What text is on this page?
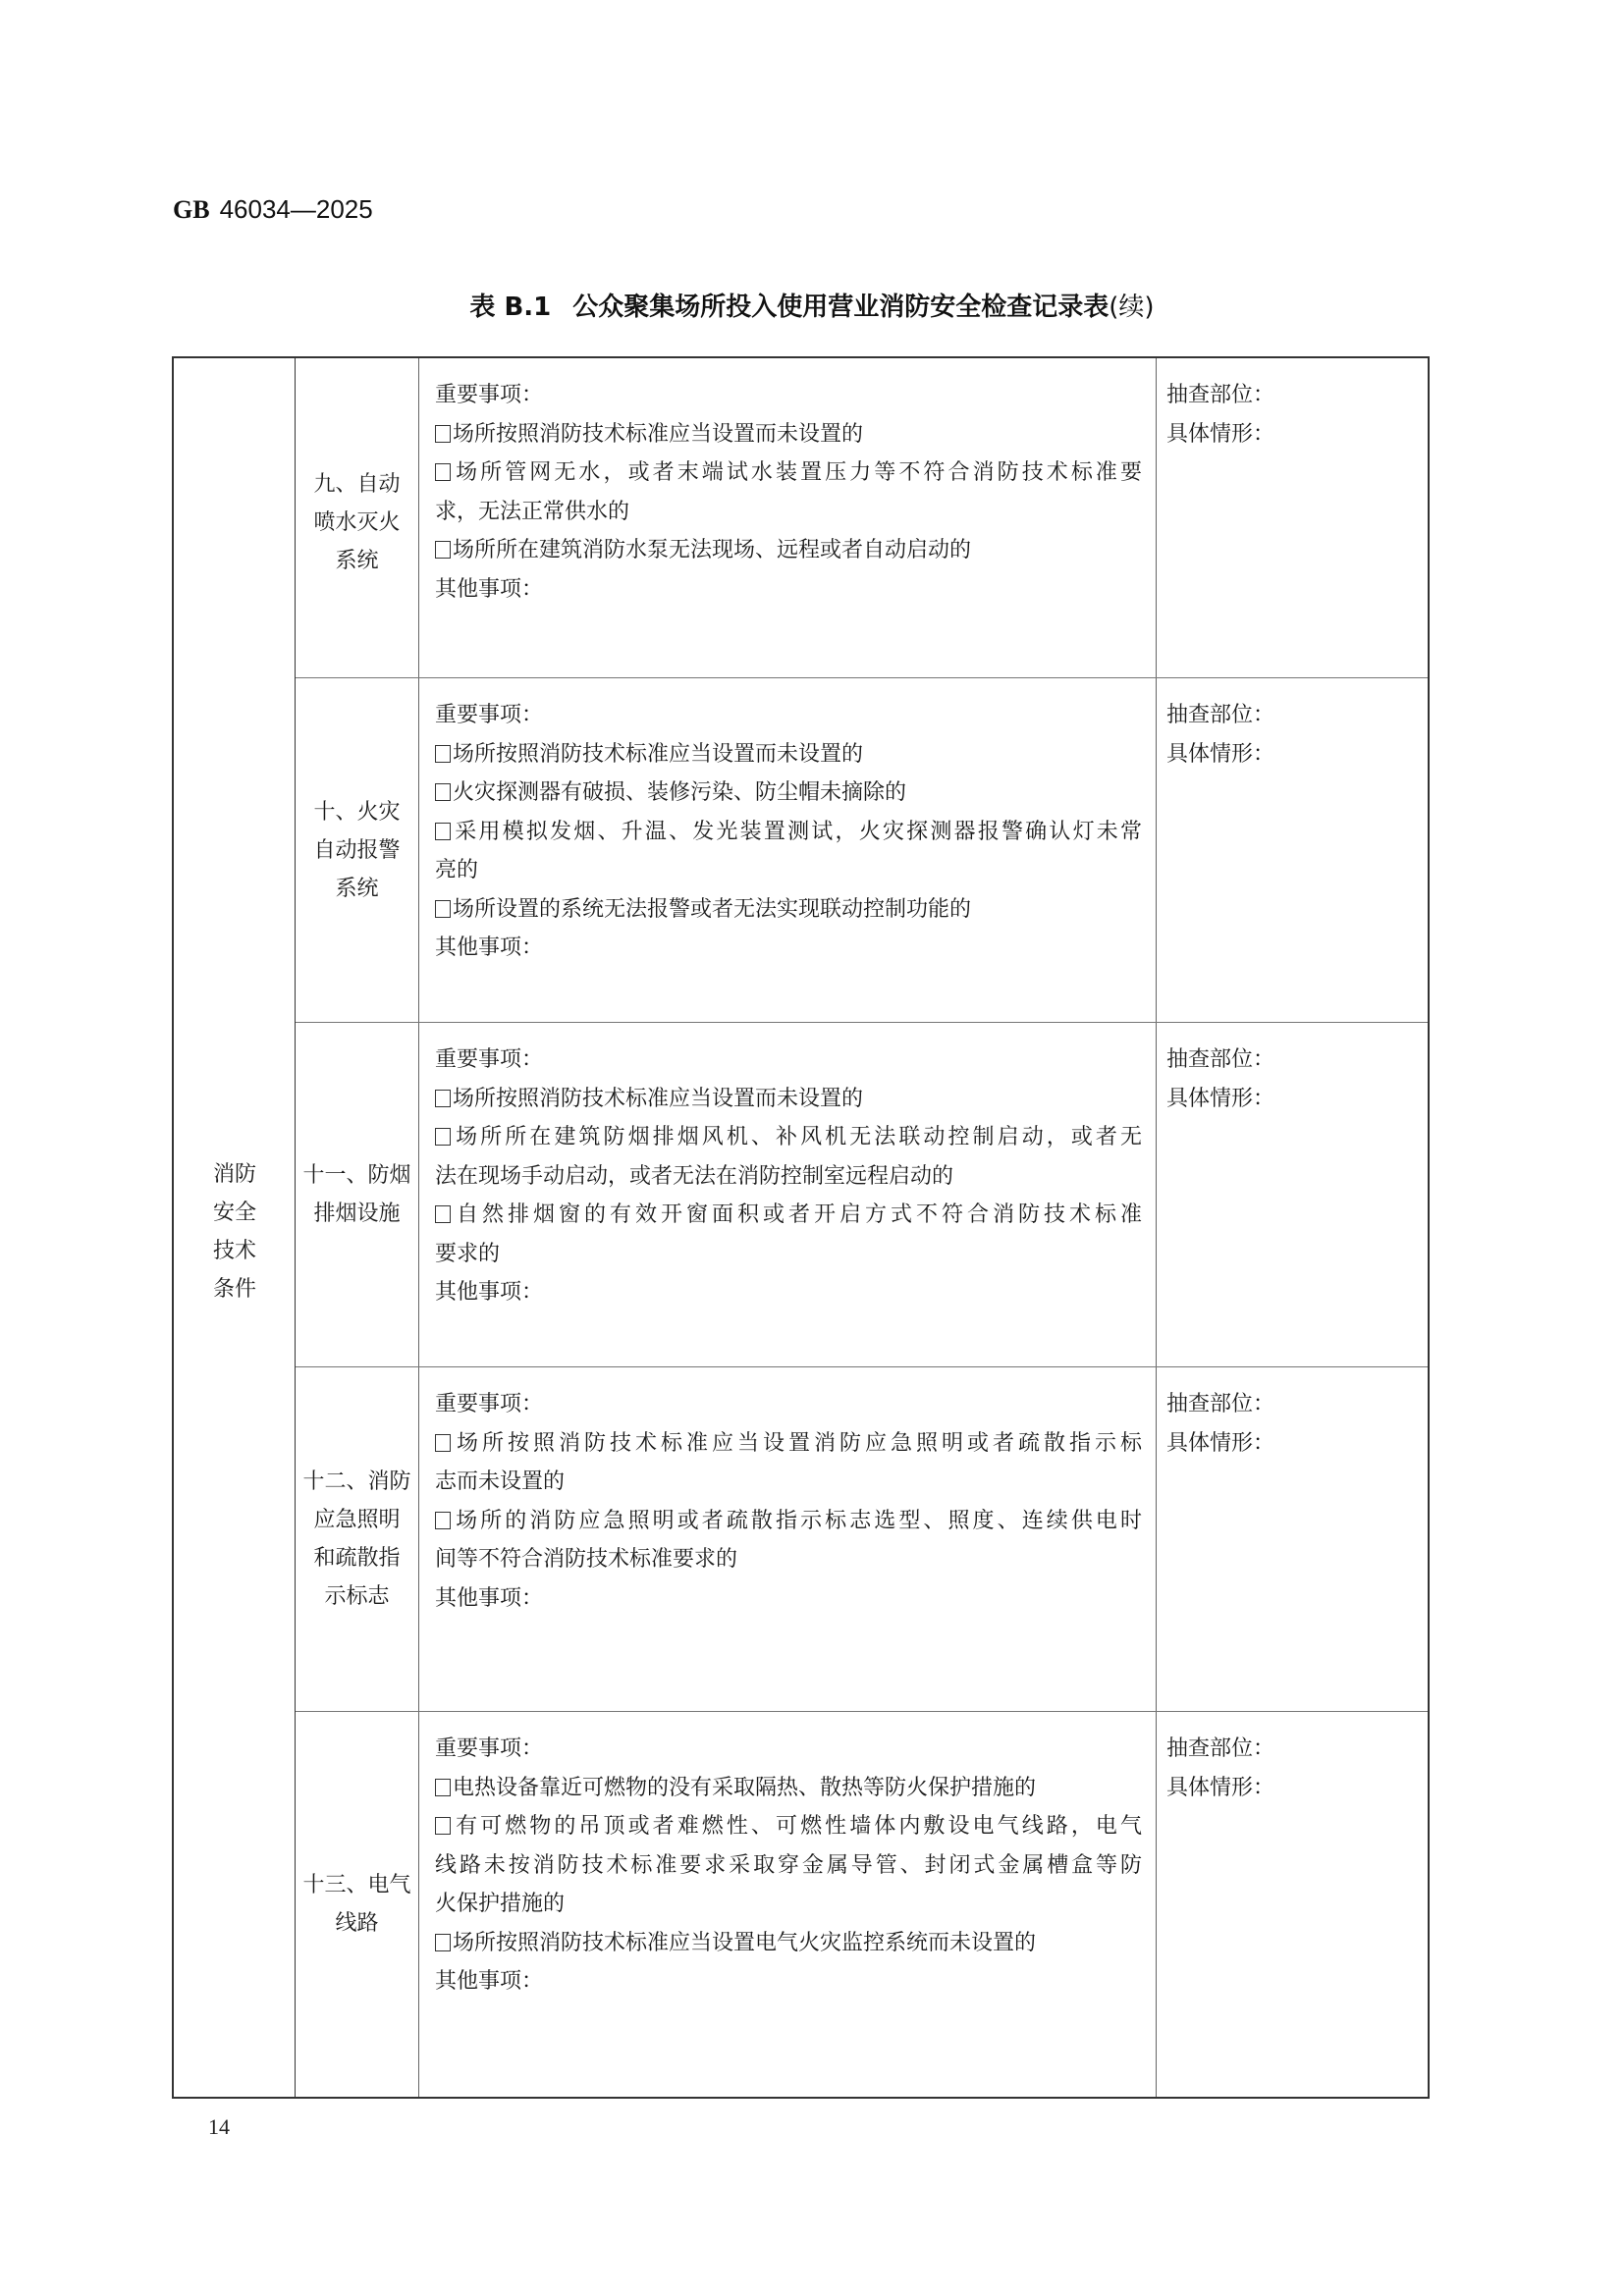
GB 46034—2025
表 B.1 公众聚集场所投入使用营业消防安全检查记录表(续)
消防
安全
技术
条件
九、自动
喷水灭火
系统
重要事项：
场所按照消防技术标准应当设置而未设置的
场所管网无水，或者末端试水装置压力等不符合消防技术标准要
求，无法正常供水的
场所所在建筑消防水泵无法现场、远程或者自动启动的
其他事项：
抽查部位：
具体情形：
十、火灾
自动报警
系统
重要事项：
场所按照消防技术标准应当设置而未设置的
火灾探测器有破损、装修污染、防尘帽未摘除的
采用模拟发烟、升温、发光装置测试，火灾探测器报警确认灯未常
亮的
场所设置的系统无法报警或者无法实现联动控制功能的
其他事项：
抽查部位：
具体情形：
十一、防烟
排烟设施
重要事项：
场所按照消防技术标准应当设置而未设置的
场所所在建筑防烟排烟风机、补风机无法联动控制启动，或者无
法在现场手动启动，或者无法在消防控制室远程启动的
自然排烟窗的有效开窗面积或者开启方式不符合消防技术标准
要求的
其他事项：
抽查部位：
具体情形：
十二、消防
应急照明
和疏散指
示标志
重要事项：
场所按照消防技术标准应当设置消防应急照明或者疏散指示标
志而未设置的
场所的消防应急照明或者疏散指示标志选型、照度、连续供电时
间等不符合消防技术标准要求的
其他事项：
抽查部位：
具体情形：
十三、电气
线路
重要事项：
电热设备靠近可燃物的没有采取隔热、散热等防火保护措施的
有可燃物的吊顶或者难燃性、可燃性墙体内敷设电气线路，电气
线路未按消防技术标准要求采取穿金属导管、封闭式金属槽盒等防
火保护措施的
场所按照消防技术标准应当设置电气火灾监控系统而未设置的
其他事项：
抽查部位：
具体情形：
14
